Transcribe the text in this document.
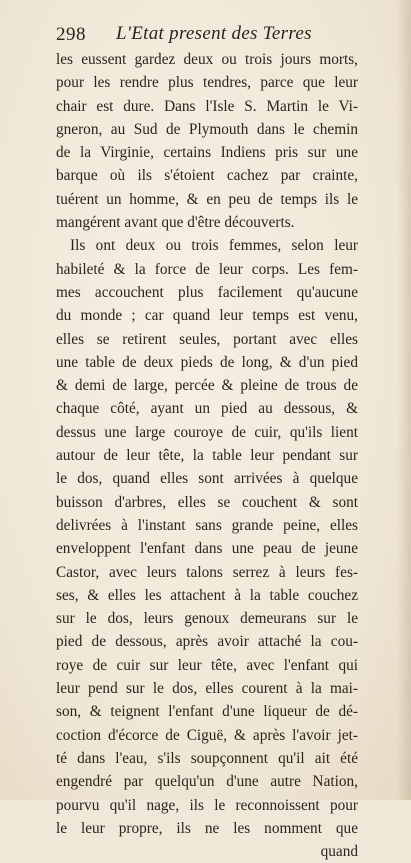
298 L'Etat present des Terres
les eussent gardez deux ou trois jours morts,
pour les rendre plus tendres, parce que leur
chair est dure. Dans l'Isle S. Martin le Vi-
gneron, au Sud de Plymouth dans le chemin
de la Virginie, certains Indiens pris sur une
barque où ils s'étoient cachez par crainte,
tuérent un homme, & en peu de temps ils le
mangérent avant que d'être découverts.
Ils ont deux ou trois femmes, selon leur
habileté & la force de leur corps. Les fem-
mes accouchent plus facilement qu'aucune
du monde ; car quand leur temps est venu,
elles se retirent seules, portant avec elles
une table de deux pieds de long, & d'un pied
& demi de large, percée & pleine de trous de
chaque côté, ayant un pied au dessous, &
dessus une large couroye de cuir, qu'ils lient
autour de leur tête, la table leur pendant sur
le dos, quand elles sont arrivées à quelque
buisson d'arbres, elles se couchent & sont
delivrées à l'instant sans grande peine, elles
enveloppent l'enfant dans une peau de jeune
Castor, avec leurs talons serrez à leurs fes-
ses, & elles les attachent à la table couchez
sur le dos, leurs genoux demeurans sur le
pied de dessous, après avoir attaché la cou-
roye de cuir sur leur tête, avec l'enfant qui
leur pend sur le dos, elles courent à la mai-
son, & teignent l'enfant d'une liqueur de dé-
coction d'écorce de Ciguë, & après l'avoir jet-
té dans l'eau, s'ils soupçonnent qu'il ait été
engendré par quelqu'un d'une autre Nation,
pourvu qu'il nage, ils le reconnoissent pour
le leur propre, ils ne les nomment que
quand
